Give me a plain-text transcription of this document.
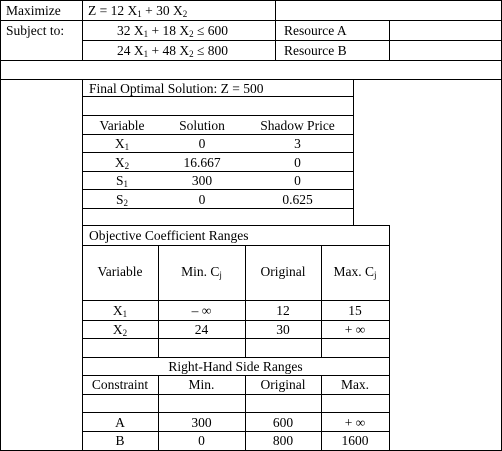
Maximize Z = 12 $X_1 + 30$ $X_2$
Subject to:	32 $X_1 + 18$ $X_2 \le 600$	Resource A
24 $X_1 + 48$ $X_2 \le 800$	Resource B
Final Optimal Solution: Z = 500
Variable	Solution	Shadow Price
$X_1$	0	3
$X_2$	16.667	0
$S_1$	300	0
$S_2$	0	0.625
Objective Coefficient Ranges
Variable	Min. $C_j$	Original	Max. $C_j$
$X_1$	– ∞	12	15
$X_2$	24	30	+ ∞
Right-Hand Side Ranges
Constraint	Min.	Original	Max.
A	300	600	+ ∞
B	0	800	1600
